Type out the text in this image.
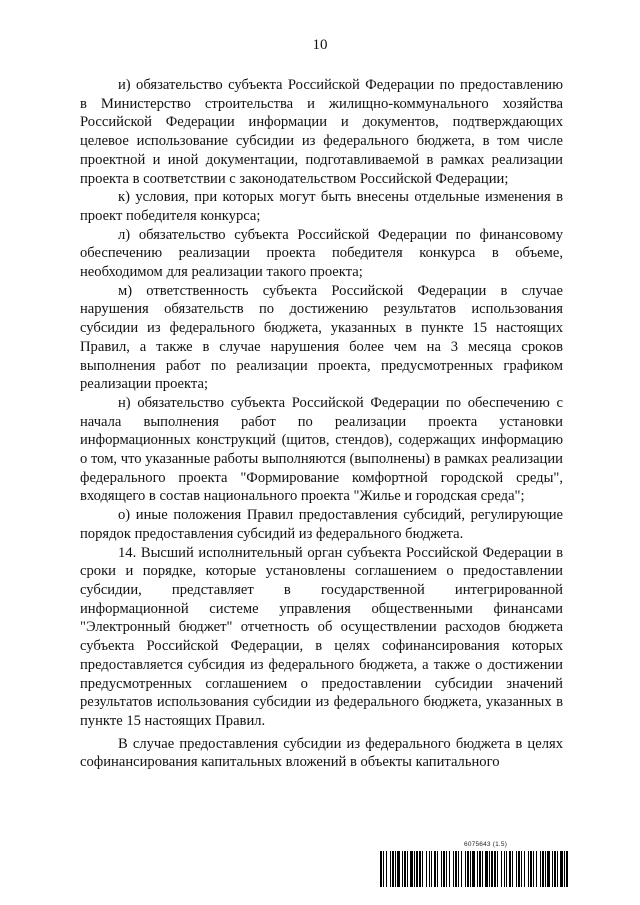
10

и) обязательство субъекта Российской Федерации по предоставлению в Министерство строительства и жилищно-коммунального хозяйства Российской Федерации информации и документов, подтверждающих целевое использование субсидии из федерального бюджета, в том числе проектной и иной документации, подготавливаемой в рамках реализации проекта в соответствии с законодательством Российской Федерации;

к) условия, при которых могут быть внесены отдельные изменения в проект победителя конкурса;

л) обязательство субъекта Российской Федерации по финансовому обеспечению реализации проекта победителя конкурса в объеме, необходимом для реализации такого проекта;

м) ответственность субъекта Российской Федерации в случае нарушения обязательств по достижению результатов использования субсидии из федерального бюджета, указанных в пункте 15 настоящих Правил, а также в случае нарушения более чем на 3 месяца сроков выполнения работ по реализации проекта, предусмотренных графиком реализации проекта;

н) обязательство субъекта Российской Федерации по обеспечению с начала выполнения работ по реализации проекта установки информационных конструкций (щитов, стендов), содержащих информацию о том, что указанные работы выполняются (выполнены) в рамках реализации федерального проекта "Формирование комфортной городской среды", входящего в состав национального проекта "Жилье и городская среда";

о) иные положения Правил предоставления субсидий, регулирующие порядок предоставления субсидий из федерального бюджета.

14. Высший исполнительный орган субъекта Российской Федерации в сроки и порядке, которые установлены соглашением о предоставлении субсидии, представляет в государственной интегрированной информационной системе управления общественными финансами "Электронный бюджет" отчетность об осуществлении расходов бюджета субъекта Российской Федерации, в целях софинансирования которых предоставляется субсидия из федерального бюджета, а также о достижении предусмотренных соглашением о предоставлении субсидии значений результатов использования субсидии из федерального бюджета, указанных в пункте 15 настоящих Правил.

В случае предоставления субсидии из федерального бюджета в целях софинансирования капитальных вложений в объекты капитального

6075643 (1.5)
